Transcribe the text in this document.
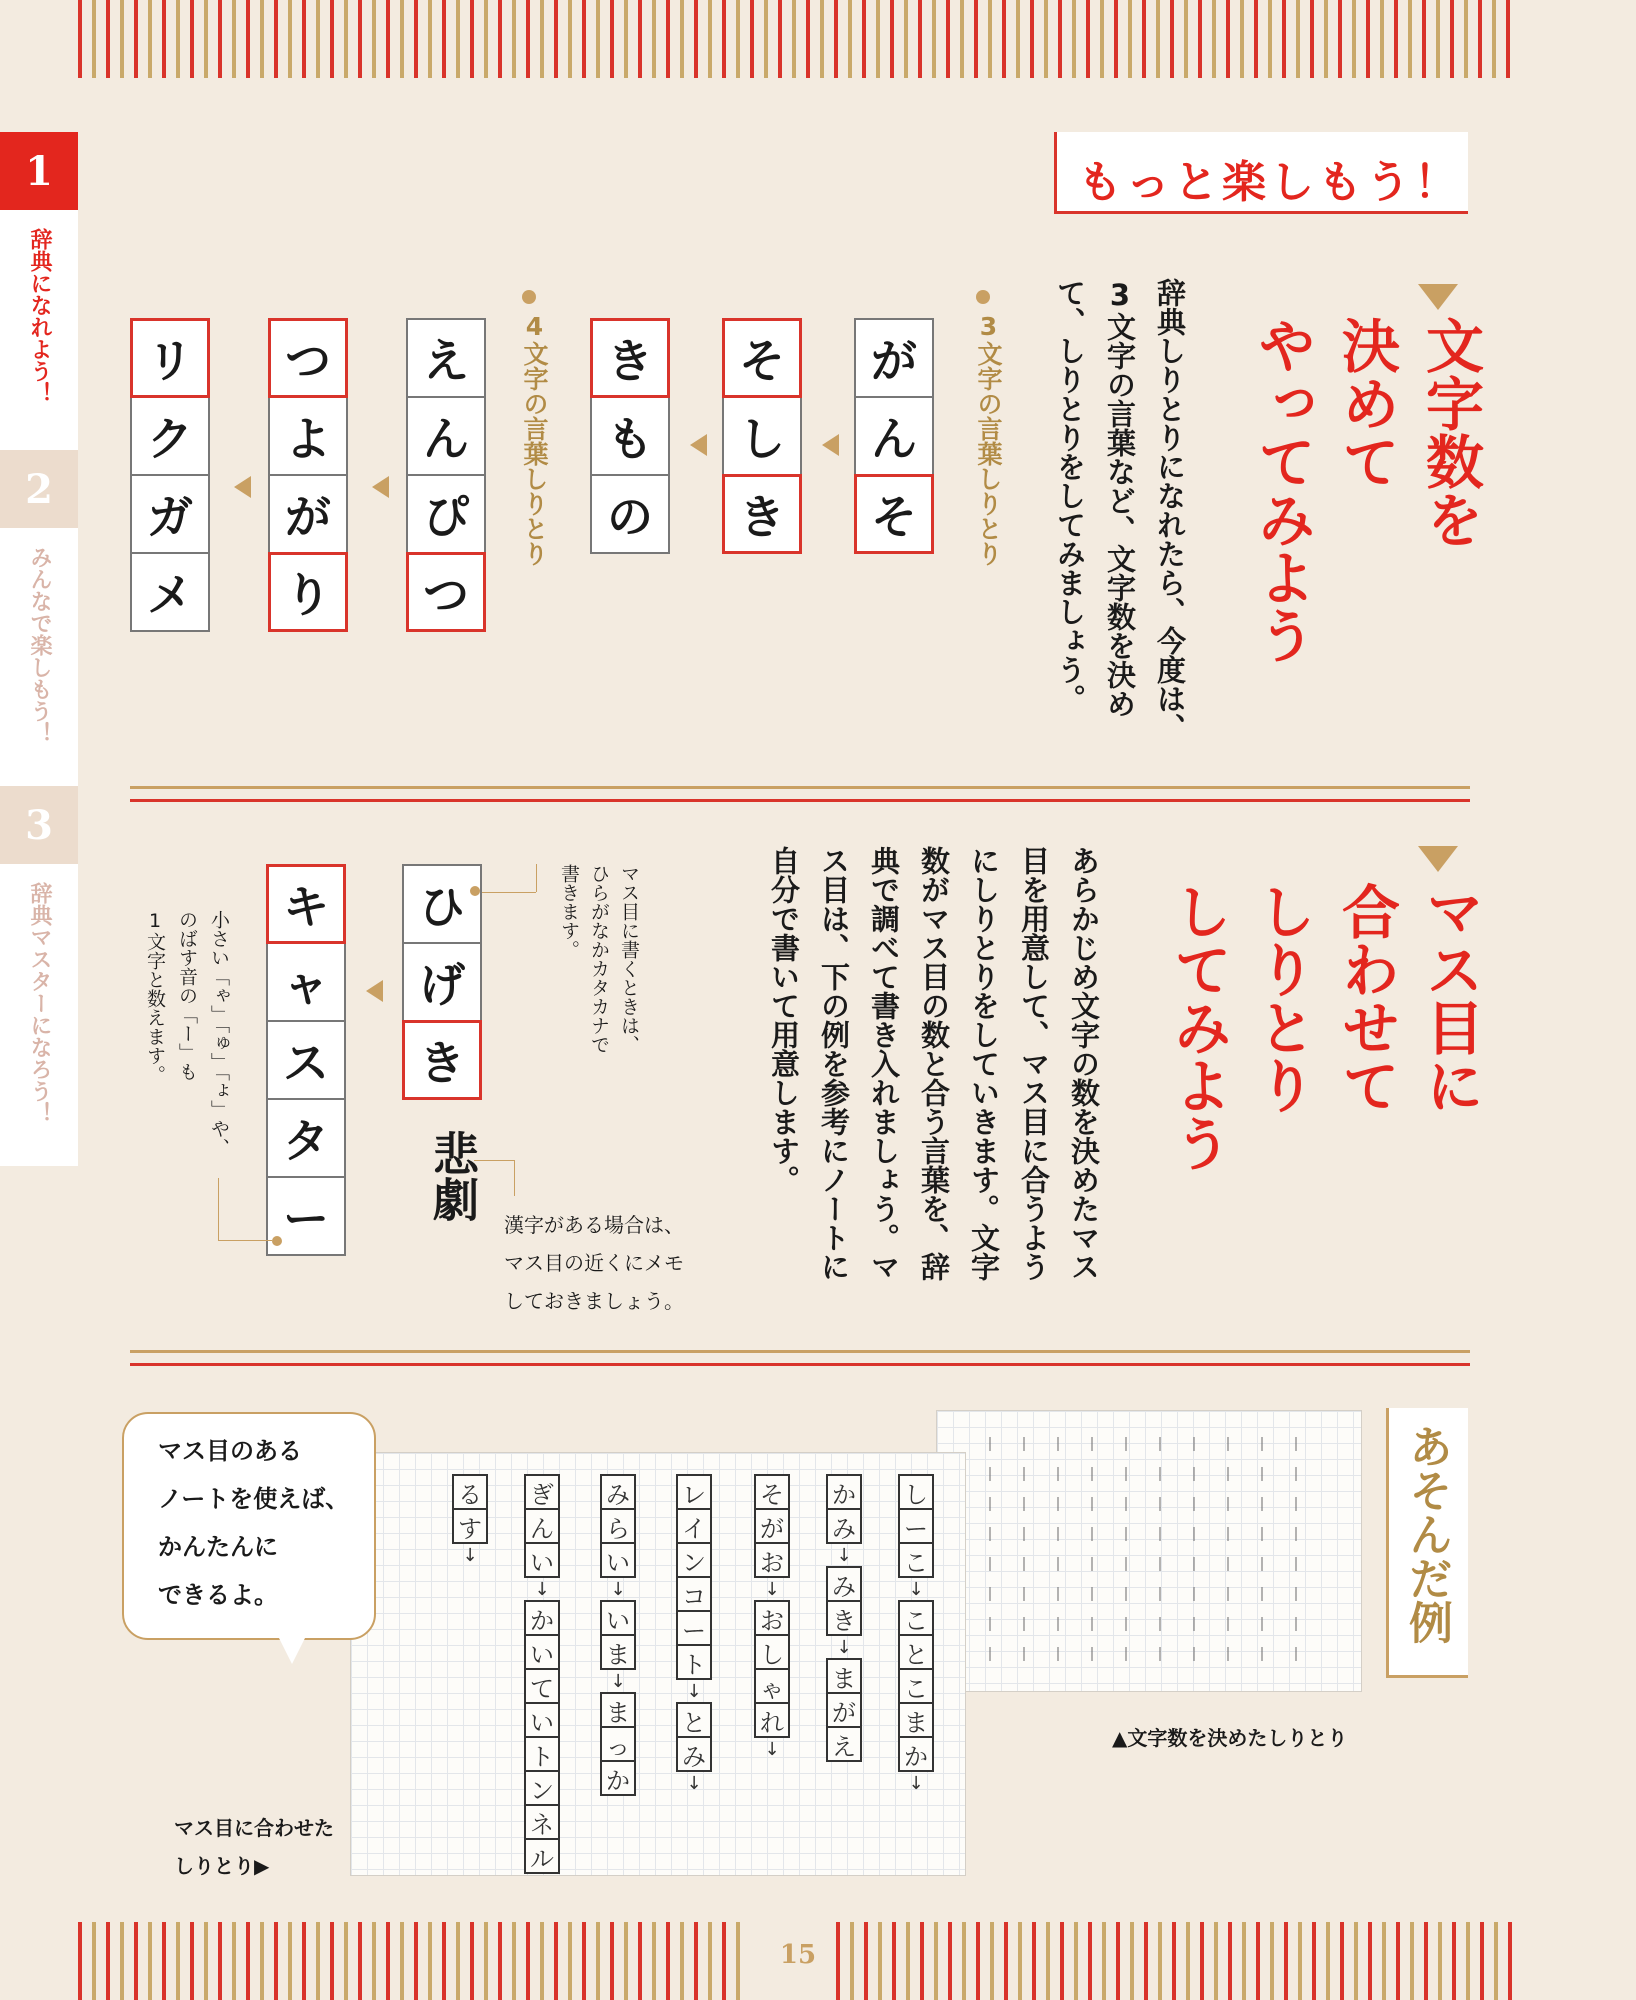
15
1
辞典になれよう！
2
みんなで楽しもう！
3
辞典マスターになろう！
もっと楽しもう！
文字数を
決めて
やってみよう
辞典しりとりになれたら、今度は、
3文字の言葉など、文字数を決め
て、しりとりをしてみましょう。
3文字の言葉しりとり
が
ん
そ
そ
し
き
き
も
の
4文字の言葉しりとり
え
ん
ぴ
つ
つ
よ
が
り
リ
ク
ガ
メ
マス目に
合わせて
しりとり
してみよう
あらかじめ文字の数を決めたマス
目を用意して、マス目に合うよう
にしりとりをしていきます。文字
数がマス目の数と合う言葉を、辞
典で調べて書き入れましょう。マ
ス目は、下の例を参考にノートに
自分で書いて用意します。
マス目に書くときは、
ひらがなかカタカナで
書きます。
ひ
げ
き
悲劇
キ
ャ
ス
タ
ー
小さい「ゃ」「ゅ」「ょ」や、
のばす音の「ー」も
1文字と数えます。
漢字がある場合は、
マス目の近くにメモ
しておきましょう。
あそんだ例
▲文字数を決めたしりとり
し
ー
こ
↓
こ
と
こ
ま
か
↓
か
み
↓
み
き
↓
ま
が
え
そ
が
お
↓
お
し
ゃ
れ
↓
レ
イ
ン
コ
ー
ト
↓
と
み
↓
み
ら
い
↓
い
ま
↓
ま
っ
か
ぎ
ん
い
↓
か
い
て
い
ト
ン
ネ
ル
る
す
↓
マス目のある
ノートを使えば、
かんたんに
できるよ。
マス目に合わせた
しりとり▶
